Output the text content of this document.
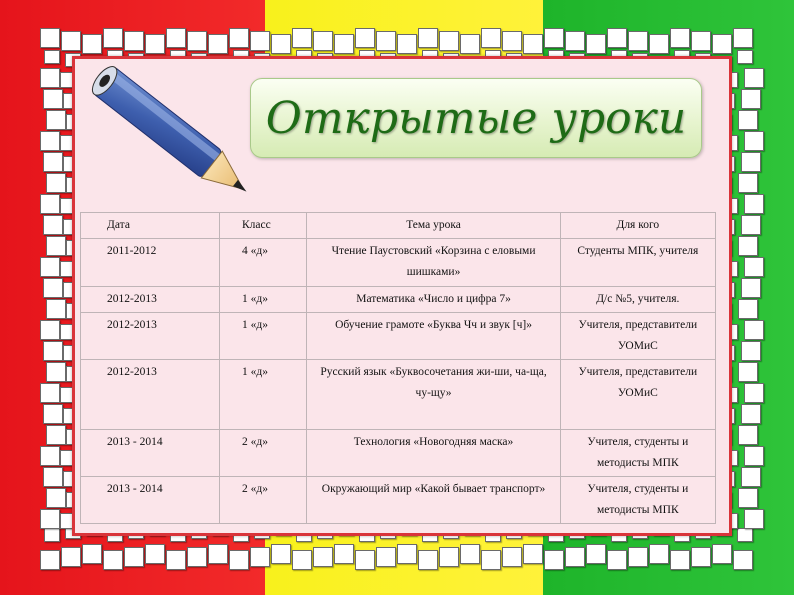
Открытые уроки
Дата	Класс	Тема урока	Для кого
2011-2012	4 «д»	Чтение Паустовский «Корзина с еловыми шишками»	Студенты МПК, учителя
2012-2013	1 «д»	Математика «Число и цифра 7»	Д/с №5, учителя.
2012-2013	1 «д»	Обучение грамоте «Буква Чч и звук [ч]»	Учителя, представители УОМиС
2012-2013	1 «д»	Русский язык «Буквосочетания жи-ши, ча-ща, чу-щу»	Учителя, представители УОМиС
2013 - 2014	2 «д»	Технология «Новогодняя маска»	Учителя, студенты и методисты МПК
2013 - 2014	2 «д»	Окружающий мир «Какой бывает транспорт»	Учителя, студенты и методисты МПК
